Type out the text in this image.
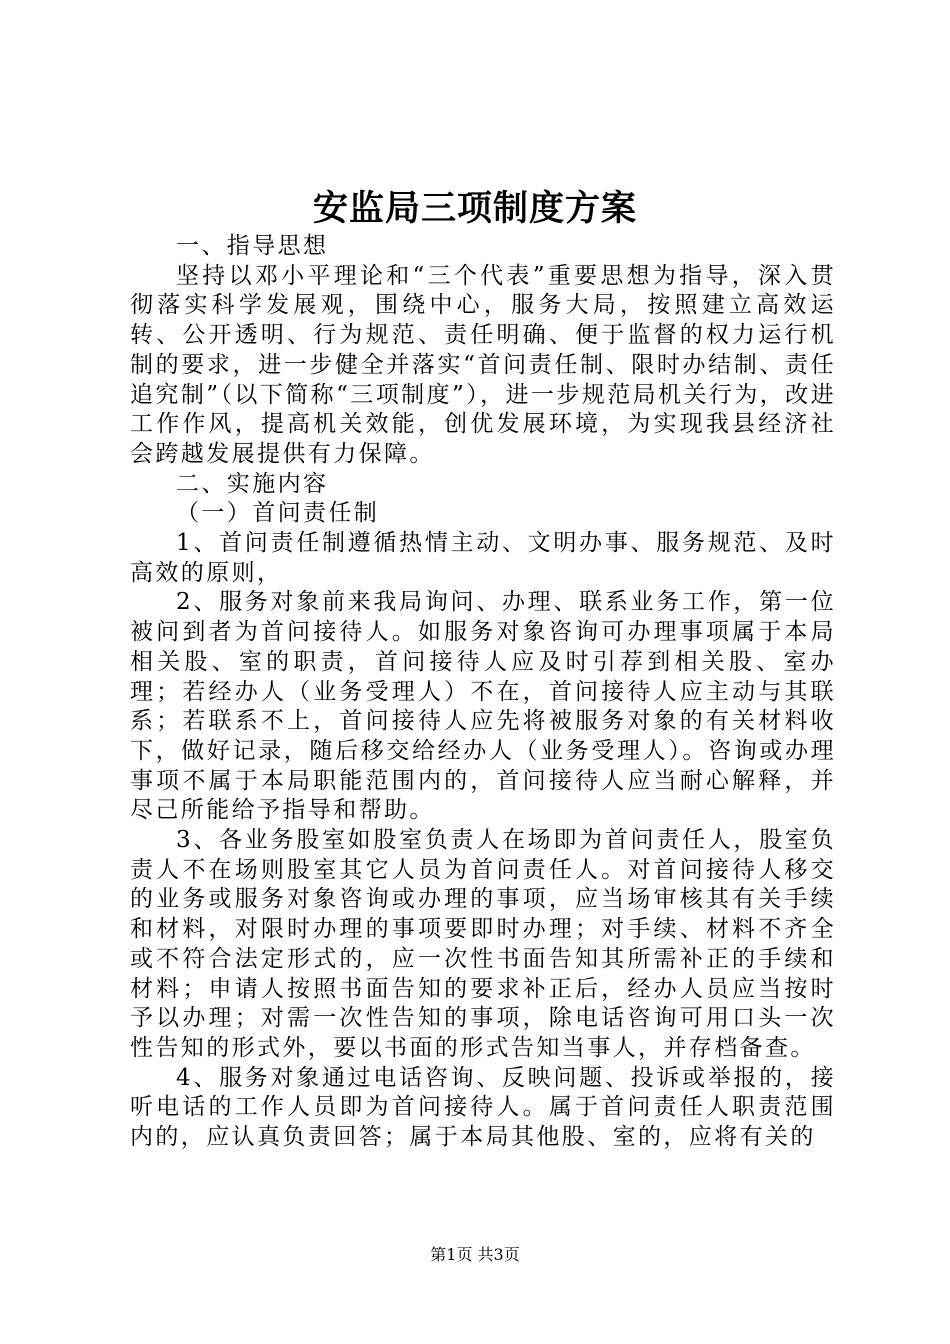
安监局三项制度方案

一、指导思想

坚持以邓小平理论和“三个代表”重要思想为指导，深入贯彻落实科学发展观，围绕中心，服务大局，按照建立高效运转、公开透明、行为规范、责任明确、便于监督的权力运行机制的要求，进一步健全并落实“首问责任制、限时办结制、责任追究制”（以下简称“三项制度”），进一步规范局机关行为，改进工作作风，提高机关效能，创优发展环境，为实现我县经济社会跨越发展提供有力保障。

二、实施内容

（一）首问责任制

1、首问责任制遵循热情主动、文明办事、服务规范、及时高效的原则，

2、服务对象前来我局询问、办理、联系业务工作，第一位被问到者为首问接待人。如服务对象咨询可办理事项属于本局相关股、室的职责，首问接待人应及时引荐到相关股、室办理；若经办人（业务受理人）不在，首问接待人应主动与其联系；若联系不上，首问接待人应先将被服务对象的有关材料收下，做好记录，随后移交给经办人（业务受理人）。咨询或办理事项不属于本局职能范围内的，首问接待人应当耐心解释，并尽己所能给予指导和帮助。

3、各业务股室如股室负责人在场即为首问责任人，股室负责人不在场则股室其它人员为首问责任人。对首问接待人移交的业务或服务对象咨询或办理的事项，应当场审核其有关手续和材料，对限时办理的事项要即时办理；对手续、材料不齐全或不符合法定形式的，应一次性书面告知其所需补正的手续和材料；申请人按照书面告知的要求补正后，经办人员应当按时予以办理；对需一次性告知的事项，除电话咨询可用口头一次性告知的形式外，要以书面的形式告知当事人，并存档备查。

4、服务对象通过电话咨询、反映问题、投诉或举报的，接听电话的工作人员即为首问接待人。属于首问责任人职责范围内的，应认真负责回答；属于本局其他股、室的，应将有关的

第1页 共3页
